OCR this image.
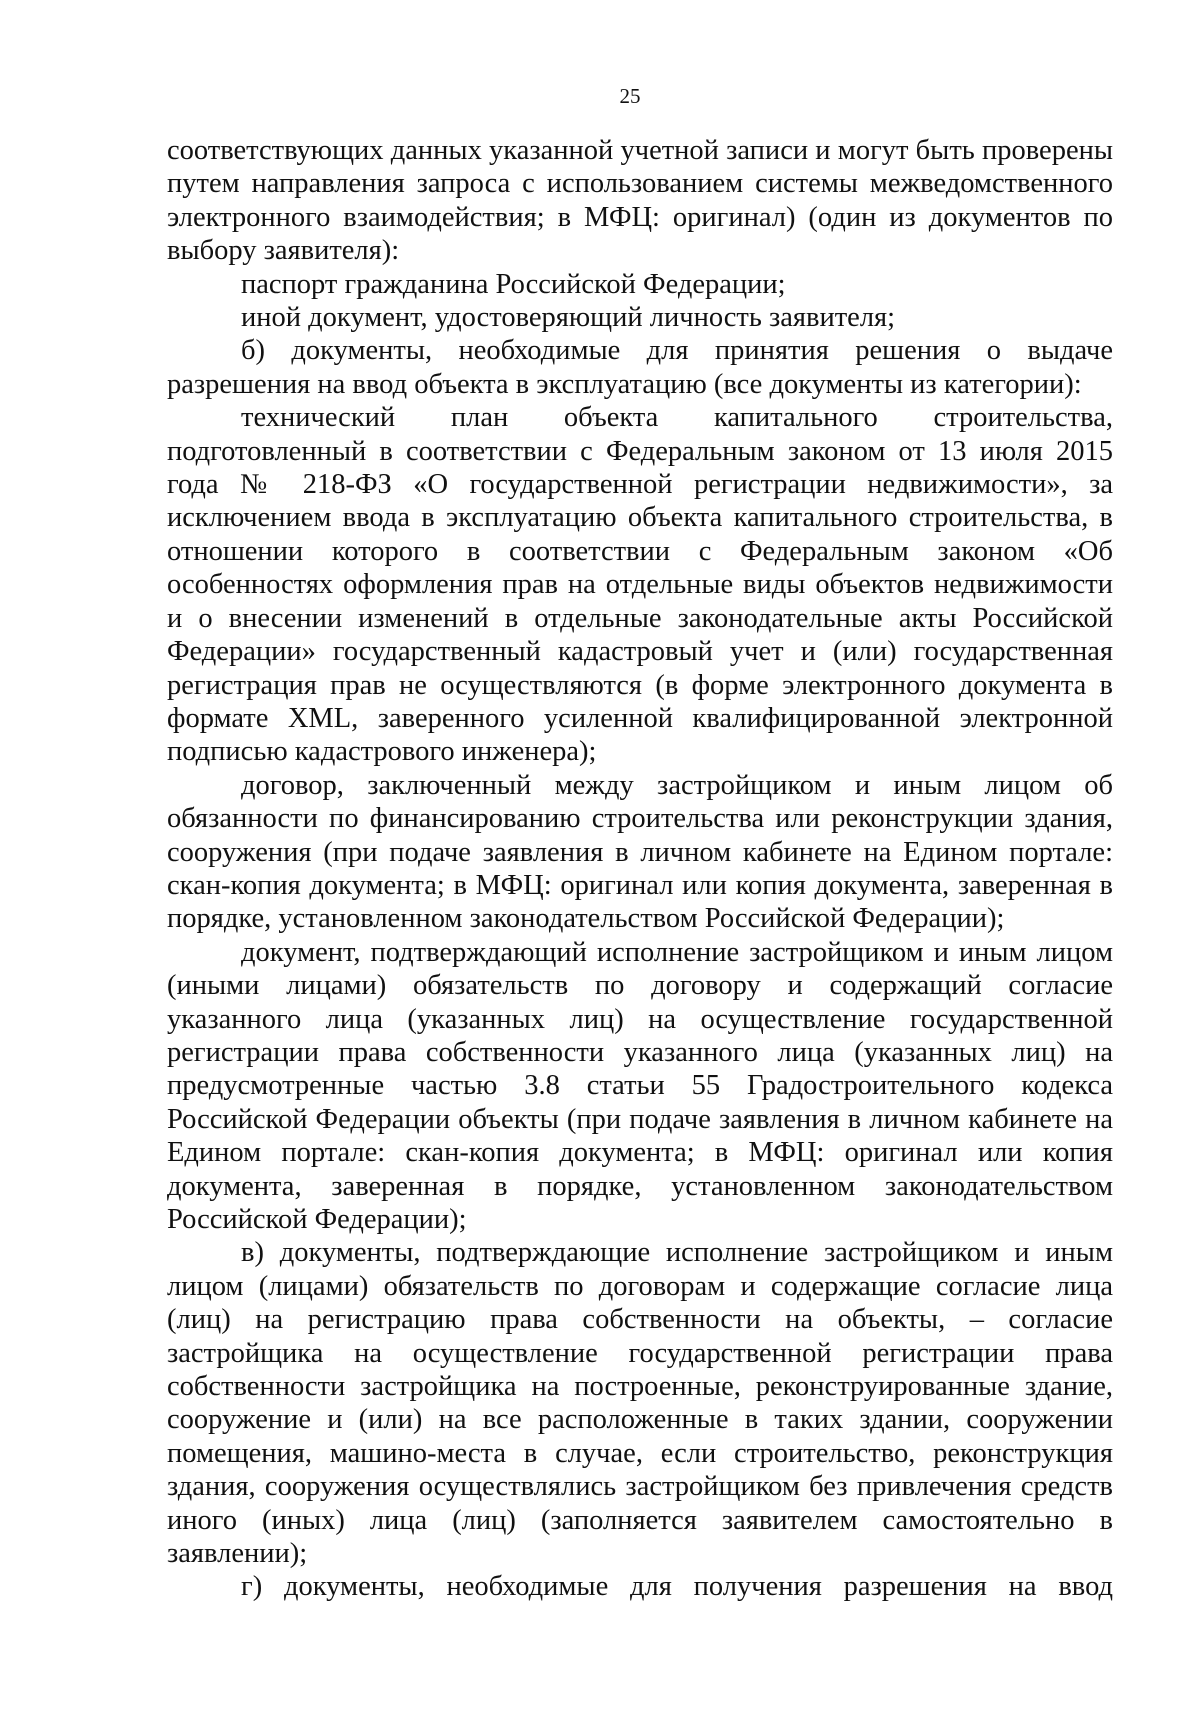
25

соответствующих данных указанной учетной записи и могут быть проверены путем направления запроса с использованием системы межведомственного электронного взаимодействия; в МФЦ: оригинал) (один из документов по выбору заявителя):

паспорт гражданина Российской Федерации;

иной документ, удостоверяющий личность заявителя;

б) документы, необходимые для принятия решения о выдаче разрешения на ввод объекта в эксплуатацию (все документы из категории):

технический план объекта капитального строительства, подготовленный в соответствии с Федеральным законом от 13 июля 2015 года № 218-ФЗ «О государственной регистрации недвижимости», за исключением ввода в эксплуатацию объекта капитального строительства, в отношении которого в соответствии с Федеральным законом «Об особенностях оформления прав на отдельные виды объектов недвижимости и о внесении изменений в отдельные законодательные акты Российской Федерации» государственный кадастровый учет и (или) государственная регистрация прав не осуществляются (в форме электронного документа в формате XML, заверенного усиленной квалифицированной электронной подписью кадастрового инженера);

договор, заключенный между застройщиком и иным лицом об обязанности по финансированию строительства или реконструкции здания, сооружения (при подаче заявления в личном кабинете на Едином портале: скан-копия документа; в МФЦ: оригинал или копия документа, заверенная в порядке, установленном законодательством Российской Федерации);

документ, подтверждающий исполнение застройщиком и иным лицом (иными лицами) обязательств по договору и содержащий согласие указанного лица (указанных лиц) на осуществление государственной регистрации права собственности указанного лица (указанных лиц) на предусмотренные частью 3.8 статьи 55 Градостроительного кодекса Российской Федерации объекты (при подаче заявления в личном кабинете на Едином портале: скан-копия документа; в МФЦ: оригинал или копия документа, заверенная в порядке, установленном законодательством Российской Федерации);

в) документы, подтверждающие исполнение застройщиком и иным лицом (лицами) обязательств по договорам и содержащие согласие лица (лиц) на регистрацию права собственности на объекты, – согласие застройщика на осуществление государственной регистрации права собственности застройщика на построенные, реконструированные здание, сооружение и (или) на все расположенные в таких здании, сооружении помещения, машино-места в случае, если строительство, реконструкция здания, сооружения осуществлялись застройщиком без привлечения средств иного (иных) лица (лиц) (заполняется заявителем самостоятельно в заявлении);

г) документы, необходимые для получения разрешения на ввод
